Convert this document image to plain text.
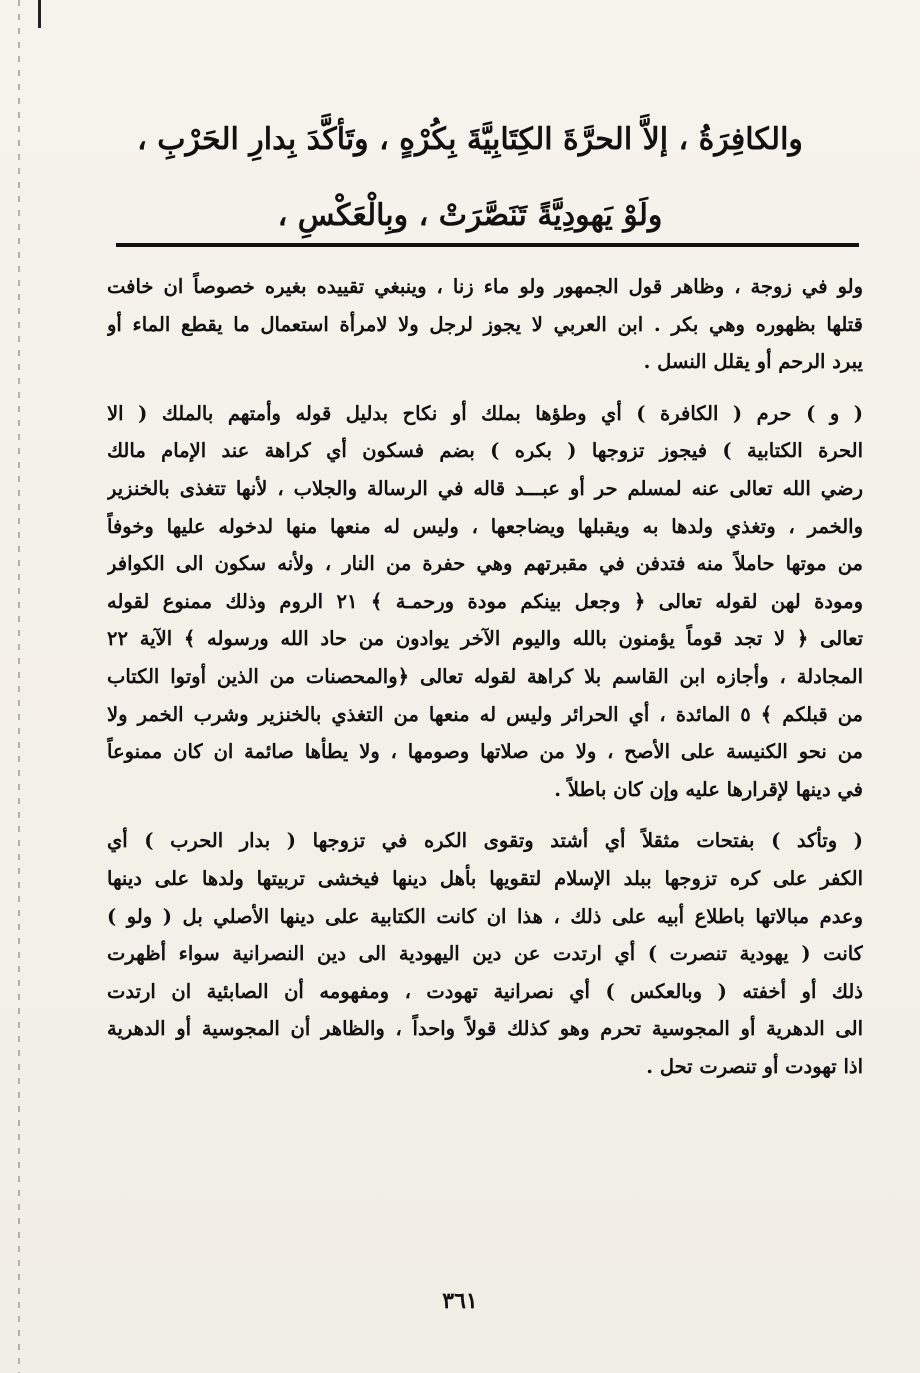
والكافِرَةُ ، إلاَّ الحرَّةَ الكِتَابِيَّةَ بِكُرْهٍ ، وتَأكَّدَ بِدارِ الحَرْبِ ،
ولَوْ يَهودِيَّةً تَنَصَّرَتْ ، وبِالْعَكْسِ ،
ولو في زوجة ، وظاهر قول الجمهور ولو ماء زنا ، وينبغي تقييده بغيره خصوصاً ان خافت
قتلها بظهوره وهي بكر . ابن العربي لا يجوز لرجل ولا لامرأة استعمال ما يقطع الماء أو
يبرد الرحم أو يقلل النسل .
( و ) حرم ( الكافرة ) أي وطؤها بملك أو نكاح بدليل قوله وأمتهم بالملك ( الا
الحرة الكتابية ) فيجوز تزوجها ( بكره ) بضم فسكون أي كراهة عند الإمام مالك
رضي الله تعالى عنه لمسلم حر أو عبـــد قاله في الرسالة والجلاب ، لأنها تتغذى بالخنزير
والخمر ، وتغذي ولدها به ويقبلها ويضاجعها ، وليس له منعها منها لدخوله عليها وخوفاً
من موتها حاملاً منه فتدفن في مقبرتهم وهي حفرة من النار ، ولأنه سكون الى الكوافر
ومودة لهن لقوله تعالى ﴿ وجعل بينكم مودة ورحمـة ﴾ ٢١ الروم وذلك ممنوع لقوله
تعالى ﴿ لا تجد قوماً يؤمنون بالله واليوم الآخر يوادون من حاد الله ورسوله ﴾ الآية ٢٢
المجادلة ، وأجازه ابن القاسم بلا كراهة لقوله تعالى ﴿والمحصنات من الذين أوتوا الكتاب
من قبلكم ﴾ ٥ المائدة ، أي الحرائر وليس له منعها من التغذي بالخنزير وشرب الخمر ولا
من نحو الكنيسة على الأصح ، ولا من صلاتها وصومها ، ولا يطأها صائمة ان كان ممنوعاً
في دينها لإقرارها عليه وإن كان باطلاً .
( وتأكد ) بفتحات مثقلاً أي أشتد وتقوى الكره في تزوجها ( بدار الحرب ) أي
الكفر على كره تزوجها ببلد الإسلام لتقويها بأهل دينها فيخشى تربيتها ولدها على دينها
وعدم مبالاتها باطلاع أبيه على ذلك ، هذا ان كانت الكتابية على دينها الأصلي بل ( ولو )
كانت ( يهودية تنصرت ) أي ارتدت عن دين اليهودية الى دين النصرانية سواء أظهرت
ذلك أو أخفته ( وبالعكس ) أي نصرانية تهودت ، ومفهومه أن الصابئية ان ارتدت
الى الدهرية أو المجوسية تحرم وهو كذلك قولاً واحداً ، والظاهر أن المجوسية أو الدهرية
اذا تهودت أو تنصرت تحل .
٣٦١
